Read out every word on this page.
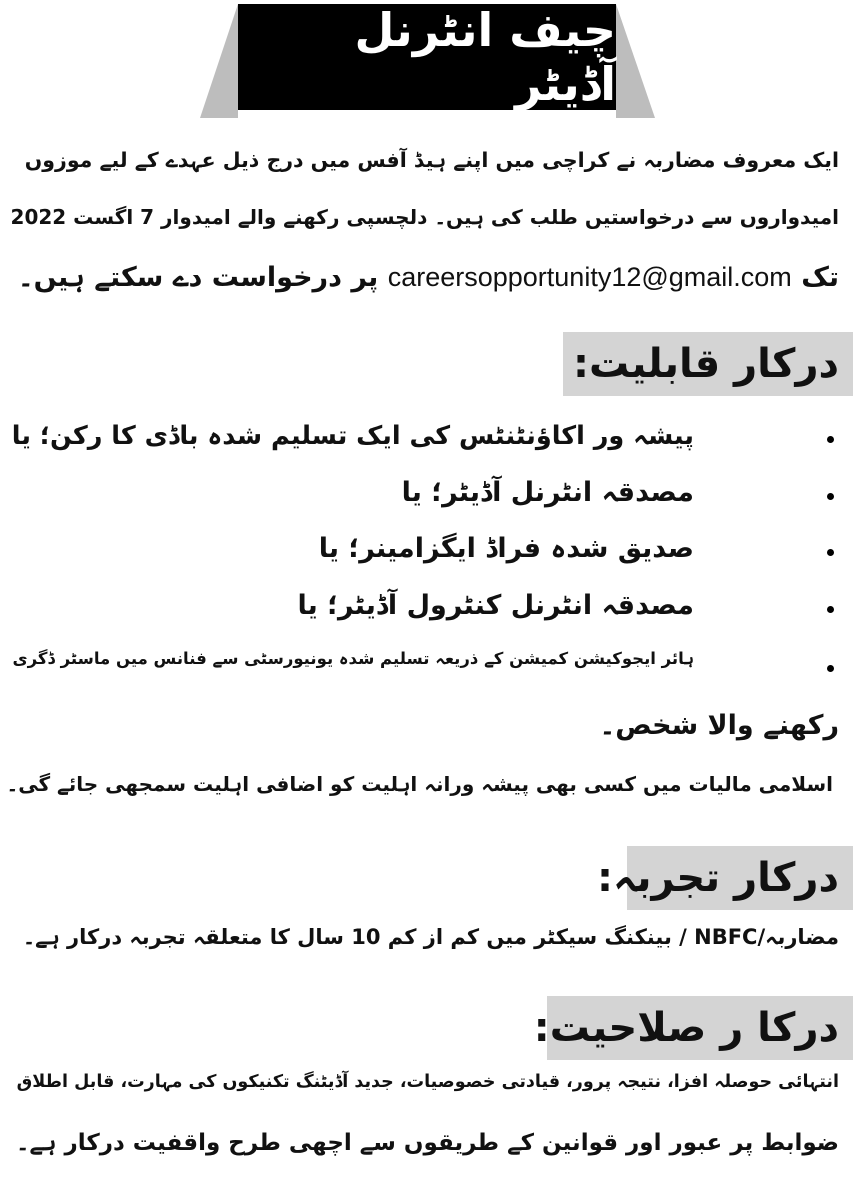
چیف انٹرنل آڈیٹر
ایک معروف مضاربہ نے کراچی میں اپنے ہیڈ آفس میں درج ذیل عہدے کے لیے موزوں
امیدواروں سے درخواستیں طلب کی ہیں۔ دلچسپی رکھنے والے امیدوار 7 اگست 2022
تک careersopportunity12@gmail.com پر درخواست دے سکتے ہیں۔
درکار قابلیت:
پیشہ ور اکاؤنٹنٹس کی ایک تسلیم شدہ باڈی کا رکن؛ یا
مصدقہ انٹرنل آڈیٹر؛ یا
صدیق شدہ فراڈ ایگزامینر؛ یا
مصدقہ انٹرنل کنٹرول آڈیٹر؛ یا
ہائر ایجوکیشن کمیشن کے ذریعہ تسلیم شدہ یونیورسٹی سے فنانس میں ماسٹر ڈگری
رکھنے والا شخص۔
اسلامی مالیات میں کسی بھی پیشہ ورانہ اہلیت کو اضافی اہلیت سمجھی جائے گی۔
درکار تجربہ:
مضاربہ/NBFC / بینکنگ سیکٹر میں کم از کم 10 سال کا متعلقہ تجربہ درکار ہے۔
درکا ر صلاحیت:
انتہائی حوصلہ افزا، نتیجہ پرور، قیادتی خصوصیات، جدید آڈیٹنگ تکنیکوں کی مہارت، قابل اطلاق
ضوابط پر عبور اور قوانین کے طریقوں سے اچھی طرح واقفیت درکار ہے۔
